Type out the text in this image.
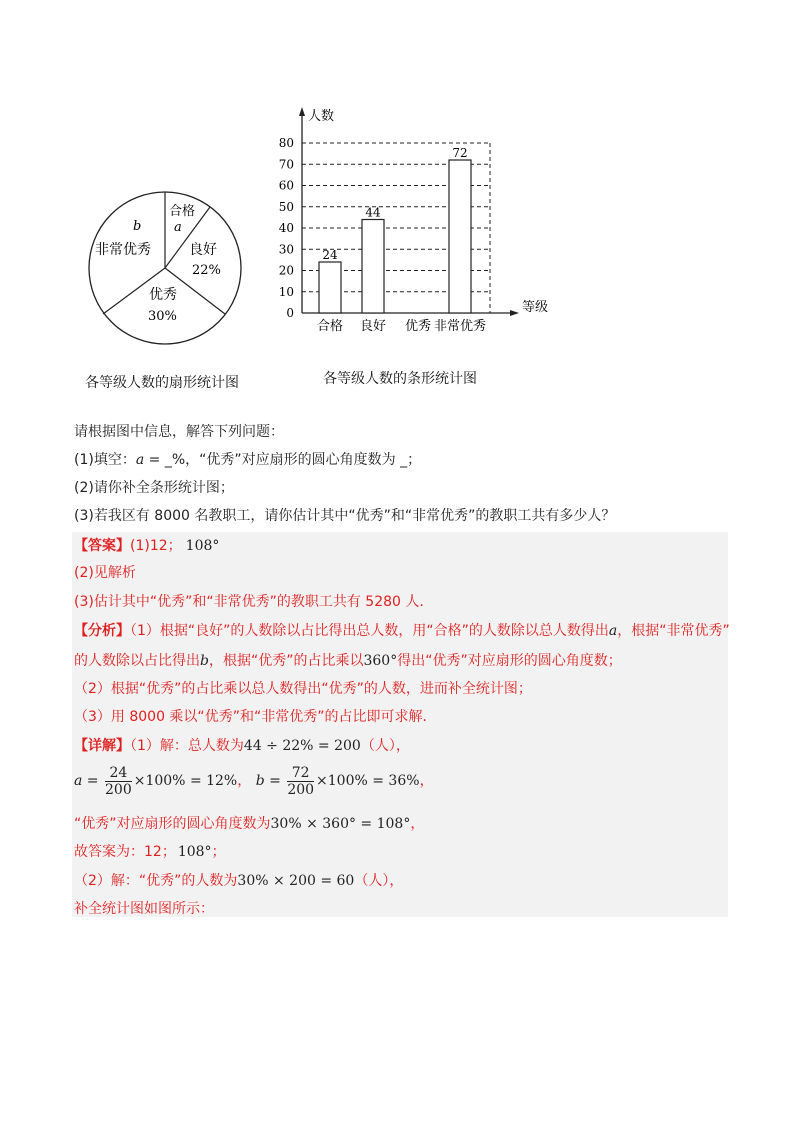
b
非常优秀
合格
a
良好
22%
优秀
30%
各等级人数的扇形统计图
0
10
20
30
40
50
60
70
80
人数
等级
24
合格
44
良好 优秀
72
非常优秀
各等级人数的条形统计图
请根据图中信息，解答下列问题：
(1)填空：a = _%，“优秀”对应扇形的圆心角度数为 _；
(2)请你补全条形统计图；
(3)若我区有 8000 名教职工，请你估计其中“优秀”和“非常优秀”的教职工共有多少人？
【答案】(1)12； 108°
(2)见解析
(3)估计其中“优秀”和“非常优秀”的教职工共有 5280 人．
【分析】（1）根据“良好”的人数除以占比得出总人数，用“合格”的人数除以总人数得出a，根据“非常优秀”
的人数除以占比得出b，根据“优秀”的占比乘以360°得出“优秀”对应扇形的圆心角度数；
（2）根据“优秀”的占比乘以总人数得出“优秀”的人数，进而补全统计图；
（3）用 8000 乘以“优秀”和“非常优秀”的占比即可求解．
【详解】（1）解：总人数为44 ÷ 22% = 200（人），
$a = \frac{24}{200} \times 100\% = 12\%$， $b = \frac{72}{200} \times 100\% = 36\%$，
“优秀”对应扇形的圆心角度数为30% × 360° = 108°，
故答案为：12； 108°；
（2）解：“优秀”的人数为30% × 200 = 60（人），
补全统计图如图所示：
